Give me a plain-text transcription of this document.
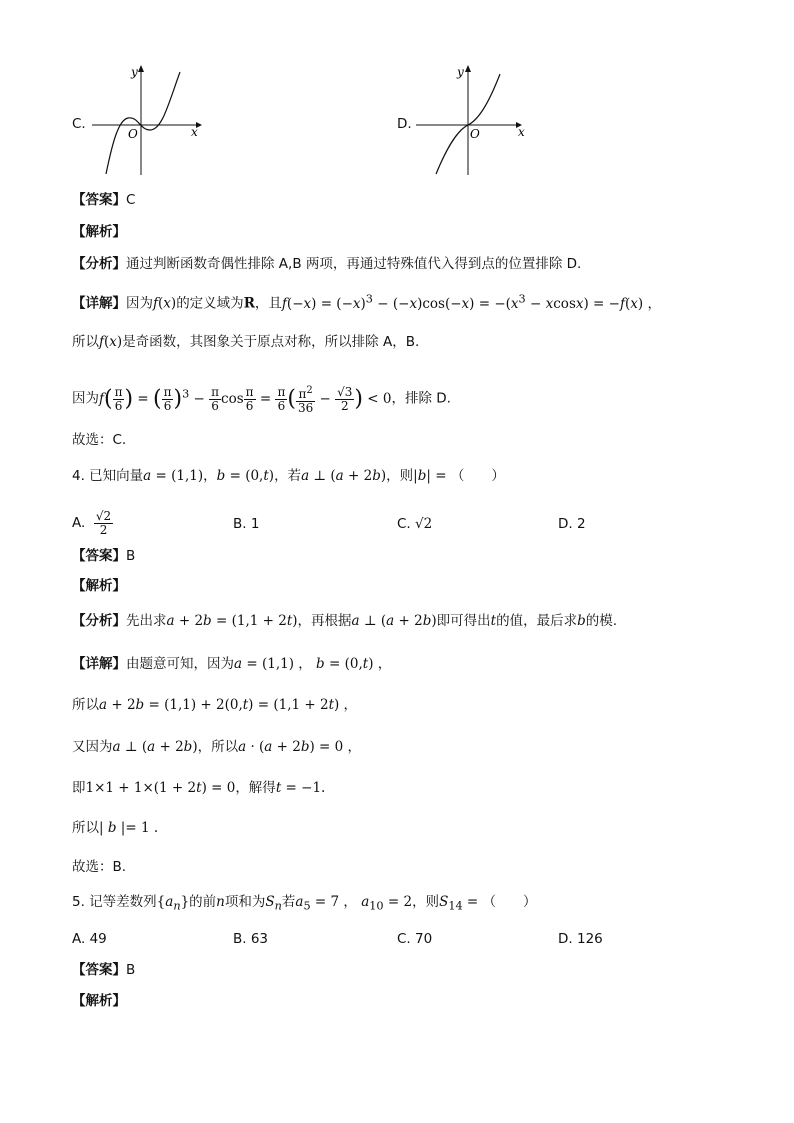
C.	x
y
O
D.	x
y
O
【答案】C
【解析】
【分析】通过判断函数奇偶性排除 A,B 两项，再通过特殊值代入得到点的位置排除 D.
【详解】因为f(x)的定义域为R，且$f(-x) = (-x)^3 - (-x)\cos(-x) = -(x^3 - xcosx) = -f(x)$ ，
所以f(x)是奇函数，其图象关于原点对称，所以排除 A，B.
因为$f( \frac{\pi}{6}$ ) = ( $\frac{\pi}{6} )^3 - \frac{\pi}{6}$ $\cos \frac{\pi}{6} = \frac{\pi}{6}$ ( $\frac{\pi^2}{36} - \frac{√3}{2}$ ) < 0，排除 D.
故选：C.
4. 已知向量a = (1,1)，b = (0,t)，若a ⊥ (a + 2b)，则|b| = （　　）
A. $\frac{√2}{2}$	B. 1	C. √2	D. 2
【答案】B
【解析】
【分析】先出求a + 2b = (1,1 + 2t)，再根据a ⊥ (a + 2b)即可得出t的值，最后求b的模.
【详解】由题意可知，因为a = (1,1) ， b = (0,t) ，
所以a + 2b = (1,1) + 2(0,t) = (1,1 + 2t) ，
又因为a ⊥ (a + 2b)，所以a · (a + 2b) = 0 ，
即1×1 + 1×(1 + 2t) = 0，解得t = −1.
所以| b |= 1 .
故选：B.
5. 记等差数列$\{a_n\}$的前n项和为$S_n$若$a_5 = 7$ ， $a_{10} = 2$，则$S_{14}$ = （　　）
A. 49	B. 63	C. 70	D. 126
【答案】B
【解析】
